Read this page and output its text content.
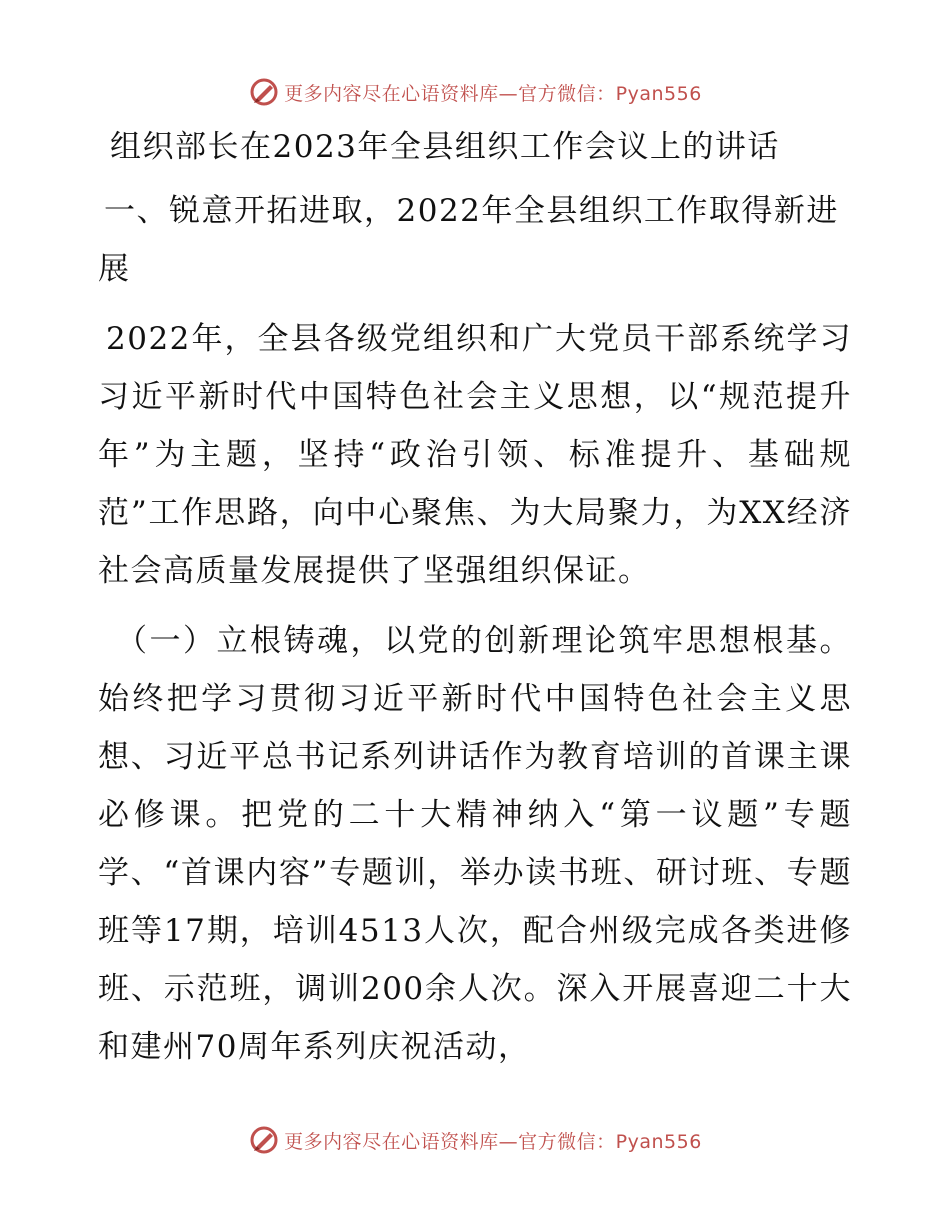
更多内容尽在心语资料库—官方微信：Pyan556

组织部长在2023年全县组织工作会议上的讲话

一、锐意开拓进取，2022年全县组织工作取得新进展

2022年，全县各级党组织和广大党员干部系统学习习近平新时代中国特色社会主义思想，以“规范提升年”为主题，坚持“政治引领、标准提升、基础规范”工作思路，向中心聚焦、为大局聚力，为XX经济社会高质量发展提供了坚强组织保证。

（一）立根铸魂，以党的创新理论筑牢思想根基。始终把学习贯彻习近平新时代中国特色社会主义思想、习近平总书记系列讲话作为教育培训的首课主课必修课。把党的二十大精神纳入“第一议题”专题学、“首课内容”专题训，举办读书班、研讨班、专题班等17期，培训4513人次，配合州级完成各类进修班、示范班，调训200余人次。深入开展喜迎二十大和建州70周年系列庆祝活动，

更多内容尽在心语资料库—官方微信：Pyan556
